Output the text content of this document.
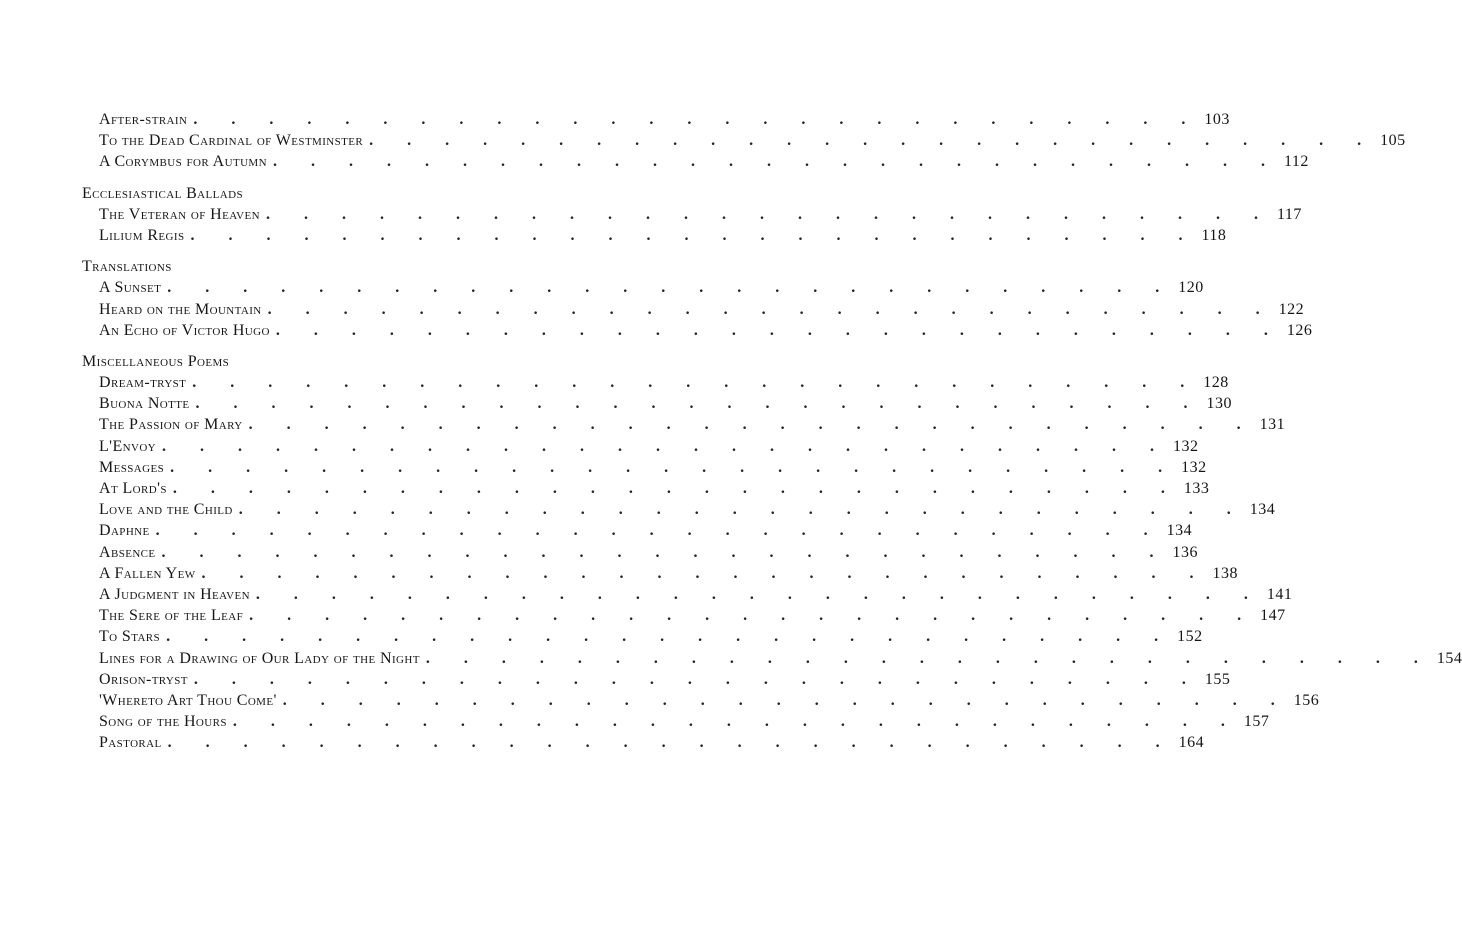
After-strain . . . . . . . . . . . . . . . . . . . . . . . . . . . 103
To the Dead Cardinal of Westminster . . . . . . . . . . . . . . . . . . . . . . . . . . . 105
A Corymbus for Autumn . . . . . . . . . . . . . . . . . . . . . . . . . . . 112
Ecclesiastical Ballads
The Veteran of Heaven . . . . . . . . . . . . . . . . . . . . . . . . . . . 117
Lilium Regis . . . . . . . . . . . . . . . . . . . . . . . . . . . 118
Translations
A Sunset . . . . . . . . . . . . . . . . . . . . . . . . . . . 120
Heard on the Mountain . . . . . . . . . . . . . . . . . . . . . . . . . . . 122
An Echo of Victor Hugo . . . . . . . . . . . . . . . . . . . . . . . . . . . 126
Miscellaneous Poems
Dream-tryst . . . . . . . . . . . . . . . . . . . . . . . . . . . 128
Buona Notte . . . . . . . . . . . . . . . . . . . . . . . . . . . 130
The Passion of Mary . . . . . . . . . . . . . . . . . . . . . . . . . . . 131
L'Envoy . . . . . . . . . . . . . . . . . . . . . . . . . . . 132
Messages . . . . . . . . . . . . . . . . . . . . . . . . . . . 132
At Lord's . . . . . . . . . . . . . . . . . . . . . . . . . . . 133
Love and the Child . . . . . . . . . . . . . . . . . . . . . . . . . . . 134
Daphne . . . . . . . . . . . . . . . . . . . . . . . . . . . 134
Absence . . . . . . . . . . . . . . . . . . . . . . . . . . . 136
A Fallen Yew . . . . . . . . . . . . . . . . . . . . . . . . . . . 138
A Judgment in Heaven . . . . . . . . . . . . . . . . . . . . . . . . . . . 141
The Sere of the Leaf . . . . . . . . . . . . . . . . . . . . . . . . . . . 147
To Stars . . . . . . . . . . . . . . . . . . . . . . . . . . . 152
Lines for a Drawing of Our Lady of the Night . . . . . . . . . . . . . . . . . . . . . . . . . . . 154
Orison-tryst . . . . . . . . . . . . . . . . . . . . . . . . . . . 155
'Whereto Art Thou Come' . . . . . . . . . . . . . . . . . . . . . . . . . . . 156
Song of the Hours . . . . . . . . . . . . . . . . . . . . . . . . . . . 157
Pastoral . . . . . . . . . . . . . . . . . . . . . . . . . . . 164
